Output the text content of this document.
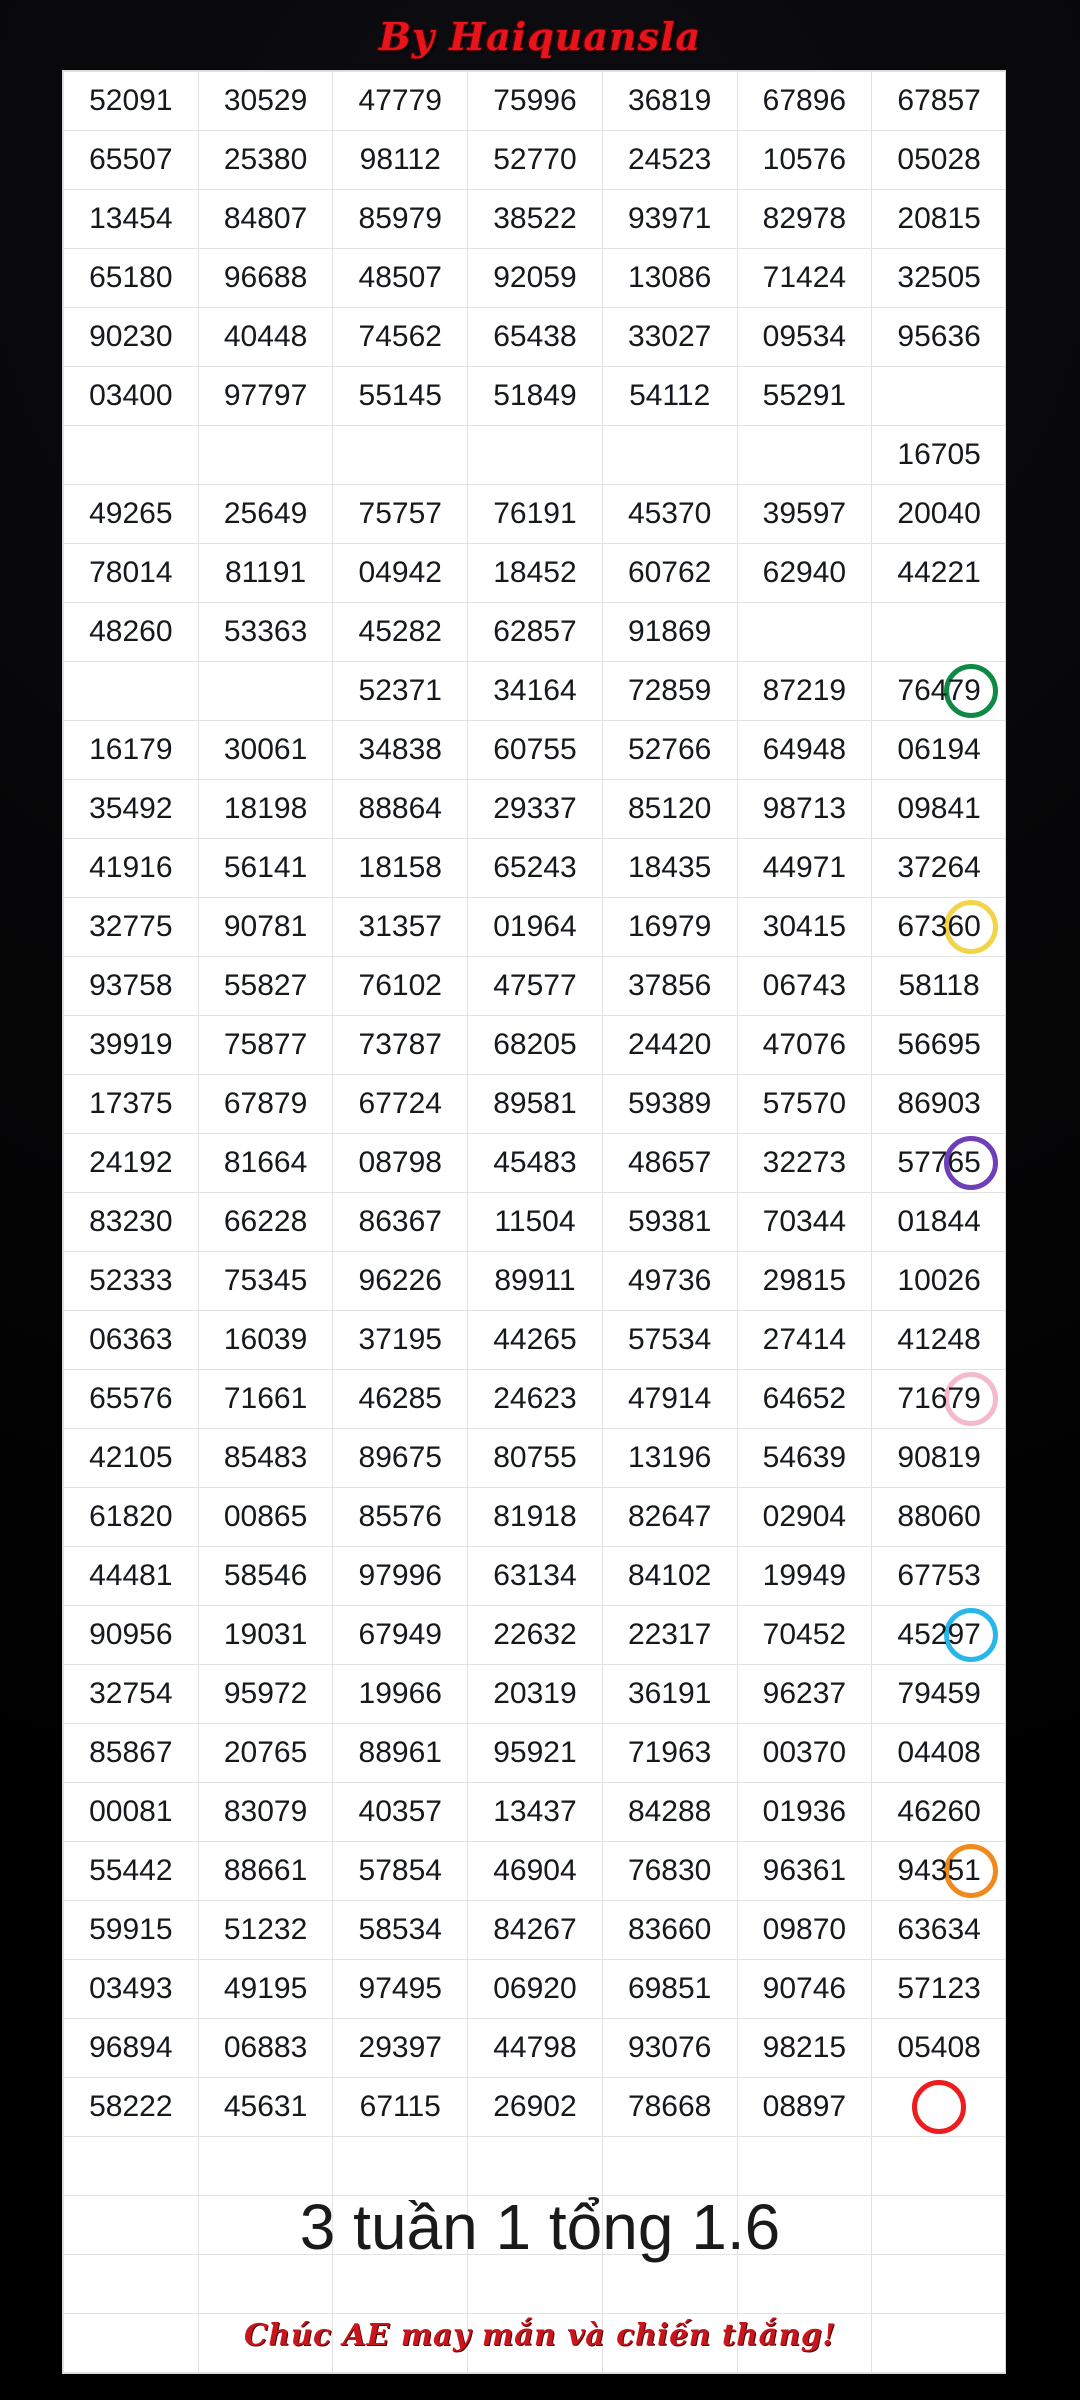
By Haiquansla
52091	30529	47779	75996	36819	67896	67857
65507	25380	98112	52770	24523	10576	05028
13454	84807	85979	38522	93971	82978	20815
65180	96688	48507	92059	13086	71424	32505
90230	40448	74562	65438	33027	09534	95636
03400	97797	55145	51849	54112	55291	
						16705
49265	25649	75757	76191	45370	39597	20040
78014	81191	04942	18452	60762	62940	44221
48260	53363	45282	62857	91869		
		52371	34164	72859	87219	76479
16179	30061	34838	60755	52766	64948	06194
35492	18198	88864	29337	85120	98713	09841
41916	56141	18158	65243	18435	44971	37264
32775	90781	31357	01964	16979	30415	67360
93758	55827	76102	47577	37856	06743	58118
39919	75877	73787	68205	24420	47076	56695
17375	67879	67724	89581	59389	57570	86903
24192	81664	08798	45483	48657	32273	57765
83230	66228	86367	11504	59381	70344	01844
52333	75345	96226	89911	49736	29815	10026
06363	16039	37195	44265	57534	27414	41248
65576	71661	46285	24623	47914	64652	71679
42105	85483	89675	80755	13196	54639	90819
61820	00865	85576	81918	82647	02904	88060
44481	58546	97996	63134	84102	19949	67753
90956	19031	67949	22632	22317	70452	45297
32754	95972	19966	20319	36191	96237	79459
85867	20765	88961	95921	71963	00370	04408
00081	83079	40357	13437	84288	01936	46260
55442	88661	57854	46904	76830	96361	94351
59915	51232	58534	84267	83660	09870	63634
03493	49195	97495	06920	69851	90746	57123
96894	06883	29397	44798	93076	98215	05408
58222	45631	67115	26902	78668	08897	

3 tuần 1 tổng 1.6
Chúc AE may mắn và chiến thắng!
